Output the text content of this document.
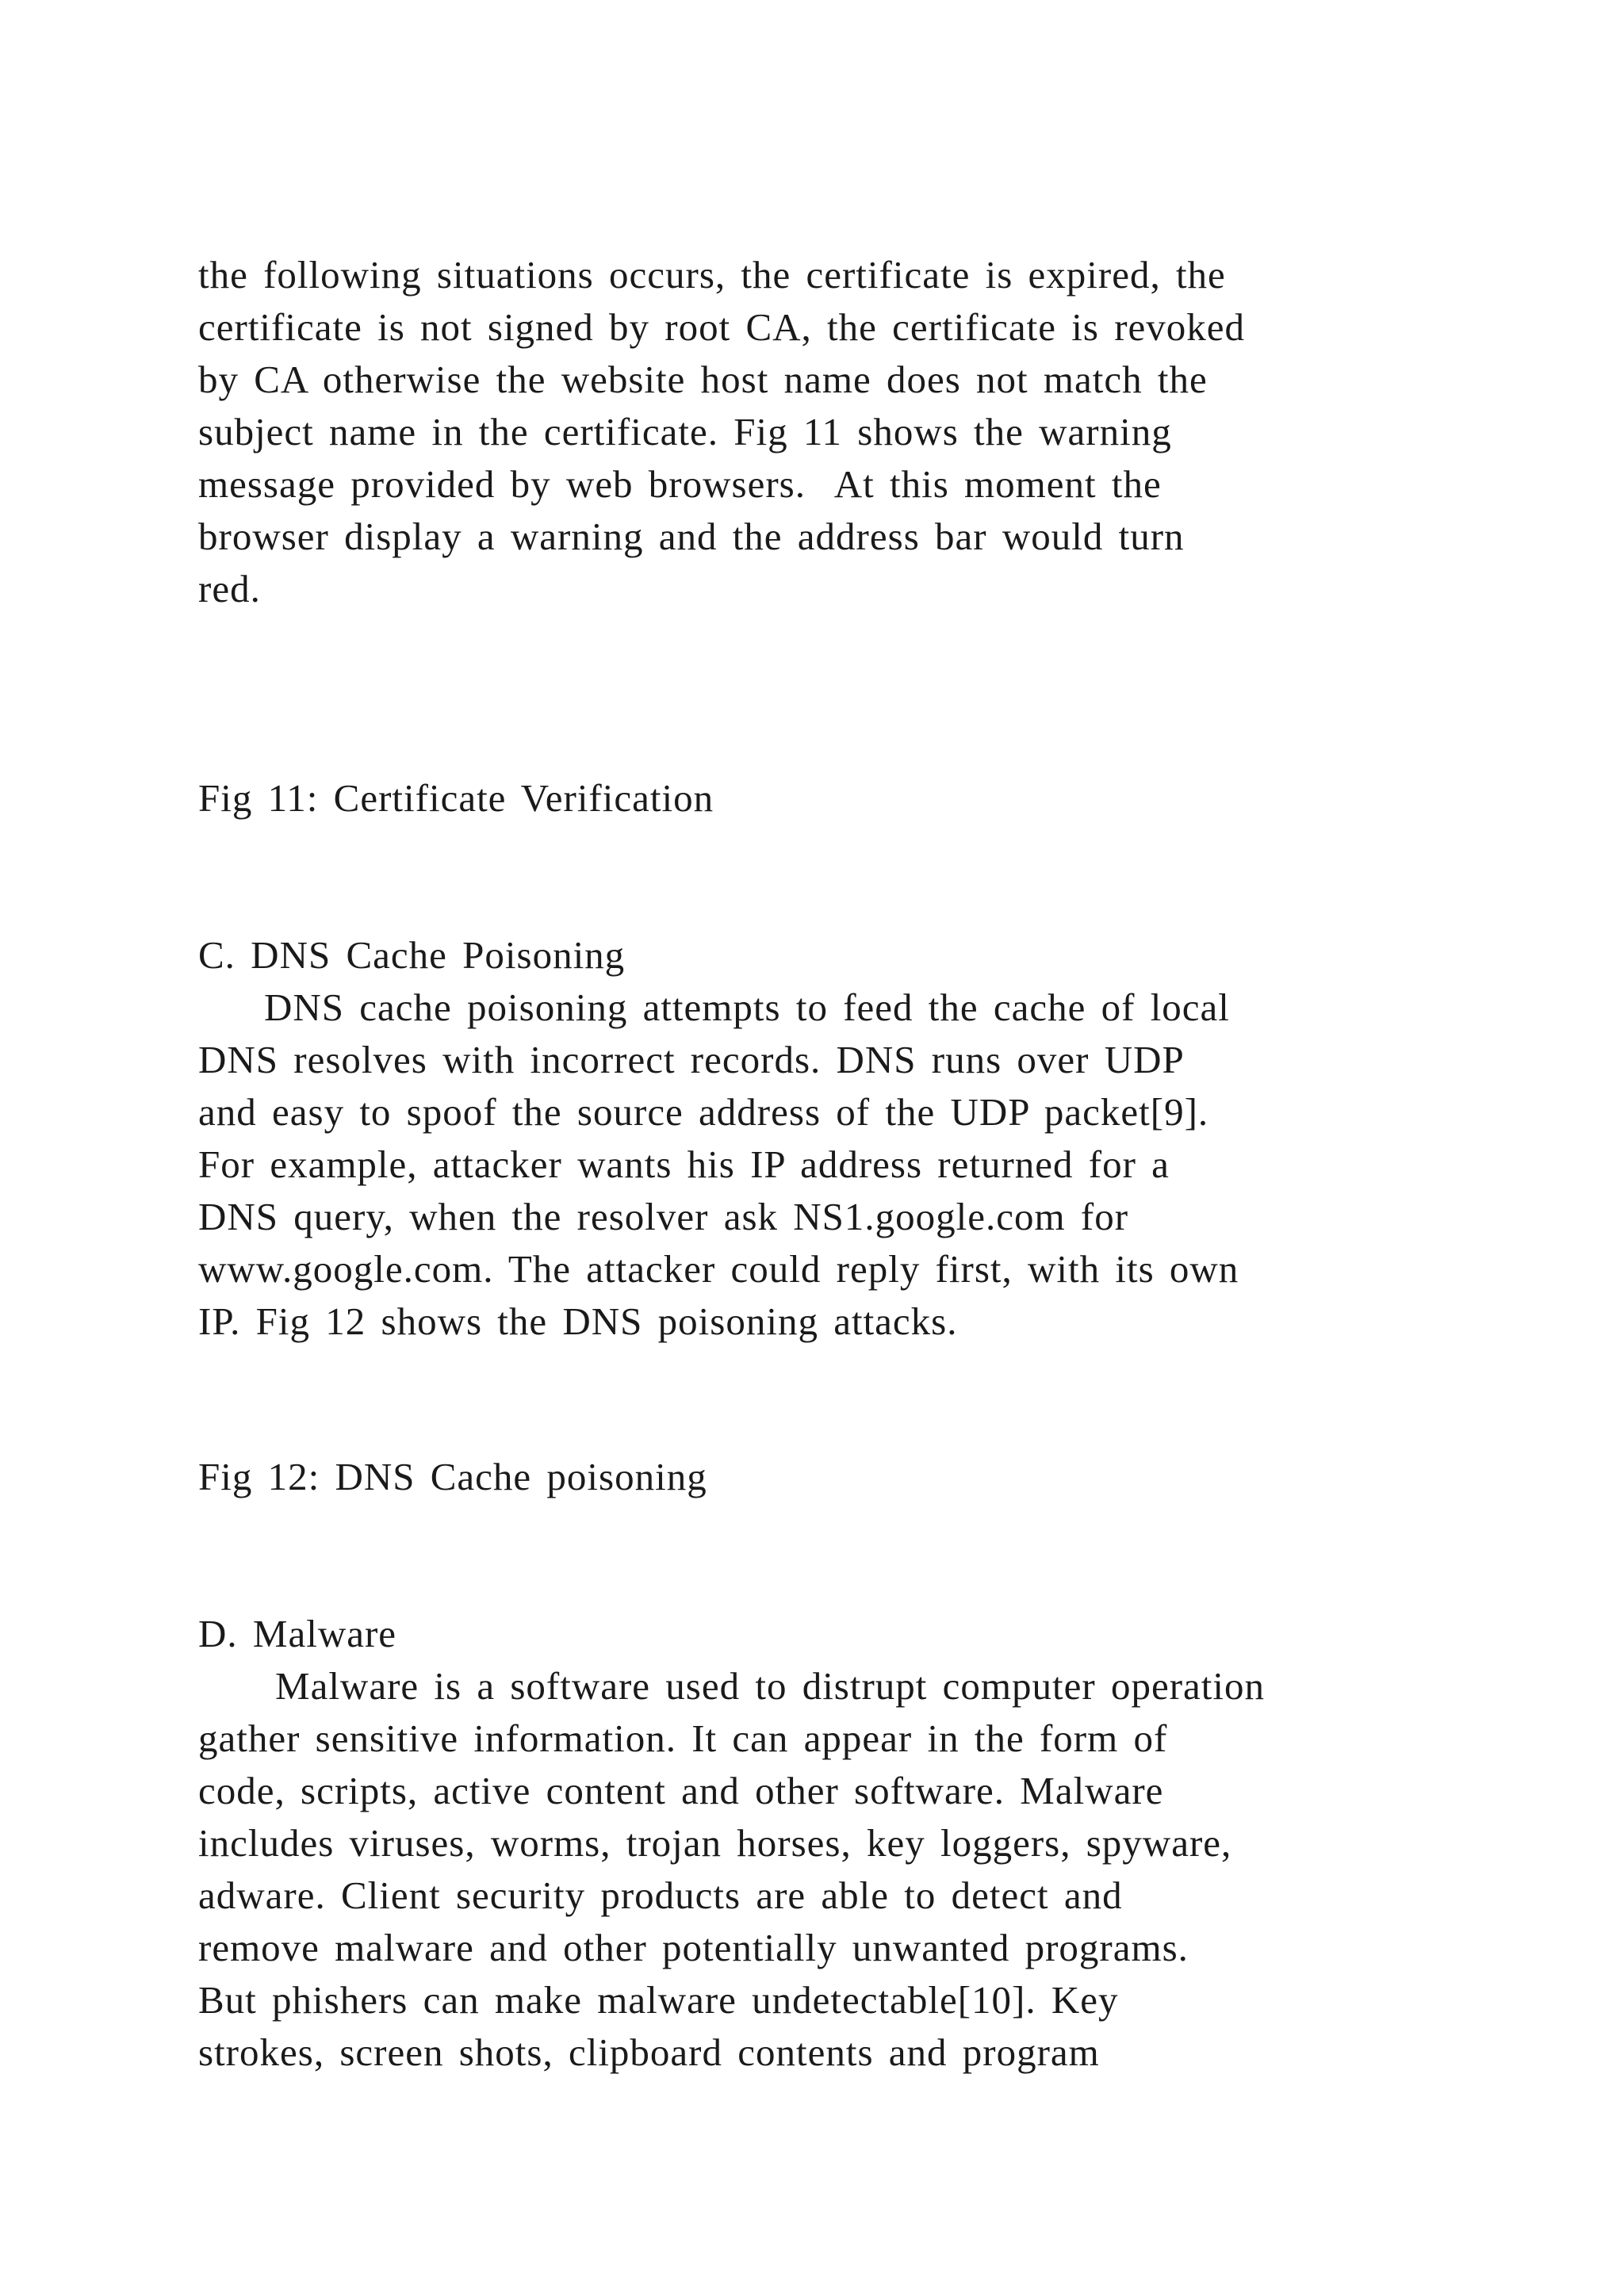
the following situations occurs, the certificate is expired, the
certificate is not signed by root CA, the certificate is revoked
by CA otherwise the website host name does not match the
subject name in the certificate. Fig 11 shows the warning
message provided by web browsers.  At this moment the
browser display a warning and the address bar would turn
red.
Fig 11: Certificate Verification
C. DNS Cache Poisoning
DNS cache poisoning attempts to feed the cache of local
DNS resolves with incorrect records. DNS runs over UDP
and easy to spoof the source address of the UDP packet[9].
For example, attacker wants his IP address returned for a
DNS query, when the resolver ask NS1.google.com for
www.google.com. The attacker could reply first, with its own
IP. Fig 12 shows the DNS poisoning attacks.
Fig 12: DNS Cache poisoning
D. Malware
Malware is a software used to distrupt computer operation
gather sensitive information. It can appear in the form of
code, scripts, active content and other software. Malware
includes viruses, worms, trojan horses, key loggers, spyware,
adware. Client security products are able to detect and
remove malware and other potentially unwanted programs.
But phishers can make malware undetectable[10]. Key
strokes, screen shots, clipboard contents and program
